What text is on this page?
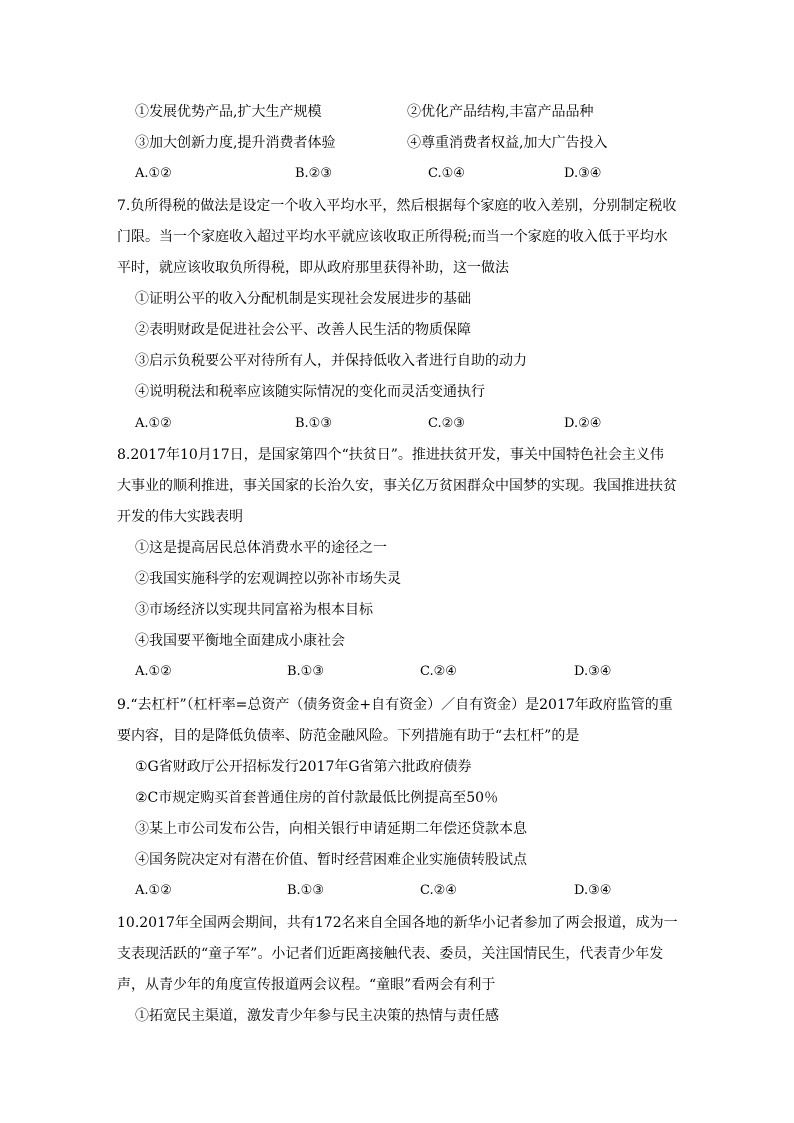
①发展优势产品,扩大生产规模	②优化产品结构,丰富产品品种
③加大创新力度,提升消费者体验	④尊重消费者权益,加大广告投入
A.①②	B.②③	C.①④	D.③④
7.负所得税的做法是设定一个收入平均水平，然后根据每个家庭的收入差别，分别制定税收
门限。当一个家庭收入超过平均水平就应该收取正所得税;而当一个家庭的收入低于平均水
平时，就应该收取负所得税，即从政府那里获得补助，这一做法
①证明公平的收入分配机制是实现社会发展进步的基础
②表明财政是促进社会公平、改善人民生活的物质保障
③启示负税要公平对待所有人，并保持低收入者进行自助的动力
④说明税法和税率应该随实际情况的变化而灵活变通执行
A.①②	B.①③	C.②③	D.②④
8.2017年10月17日，是国家第四个“扶贫日”。推进扶贫开发，事关中国特色社会主义伟
大事业的顺利推进，事关国家的长治久安，事关亿万贫困群众中国梦的实现。我国推进扶贫
开发的伟大实践表明
①这是提高居民总体消费水平的途径之一
②我国实施科学的宏观调控以弥补市场失灵
③市场经济以实现共同富裕为根本目标
④我国要平衡地全面建成小康社会
A.①②	B.①③	C.②④	D.③④
9.“去杠杆”（杠杆率=总资产（债务资金+自有资金）／自有资金）是2017年政府监管的重
要内容，目的是降低负债率、防范金融风险。下列措施有助于“去杠杆”的是
①G省财政厅公开招标发行2017年G省第六批政府债券
②C市规定购买首套普通住房的首付款最低比例提高至50％
③某上市公司发布公告，向相关银行申请延期二年偿还贷款本息
④国务院决定对有潜在价值、暂时经营困难企业实施债转股试点
A.①②	B.①③	C.②④	D.③④
10.2017年全国两会期间，共有172名来自全国各地的新华小记者参加了两会报道，成为一
支表现活跃的“童子军”。小记者们近距离接触代表、委员，关注国情民生，代表青少年发
声，从青少年的角度宣传报道两会议程。“童眼”看两会有利于
①拓宽民主渠道，激发青少年参与民主决策的热情与责任感
